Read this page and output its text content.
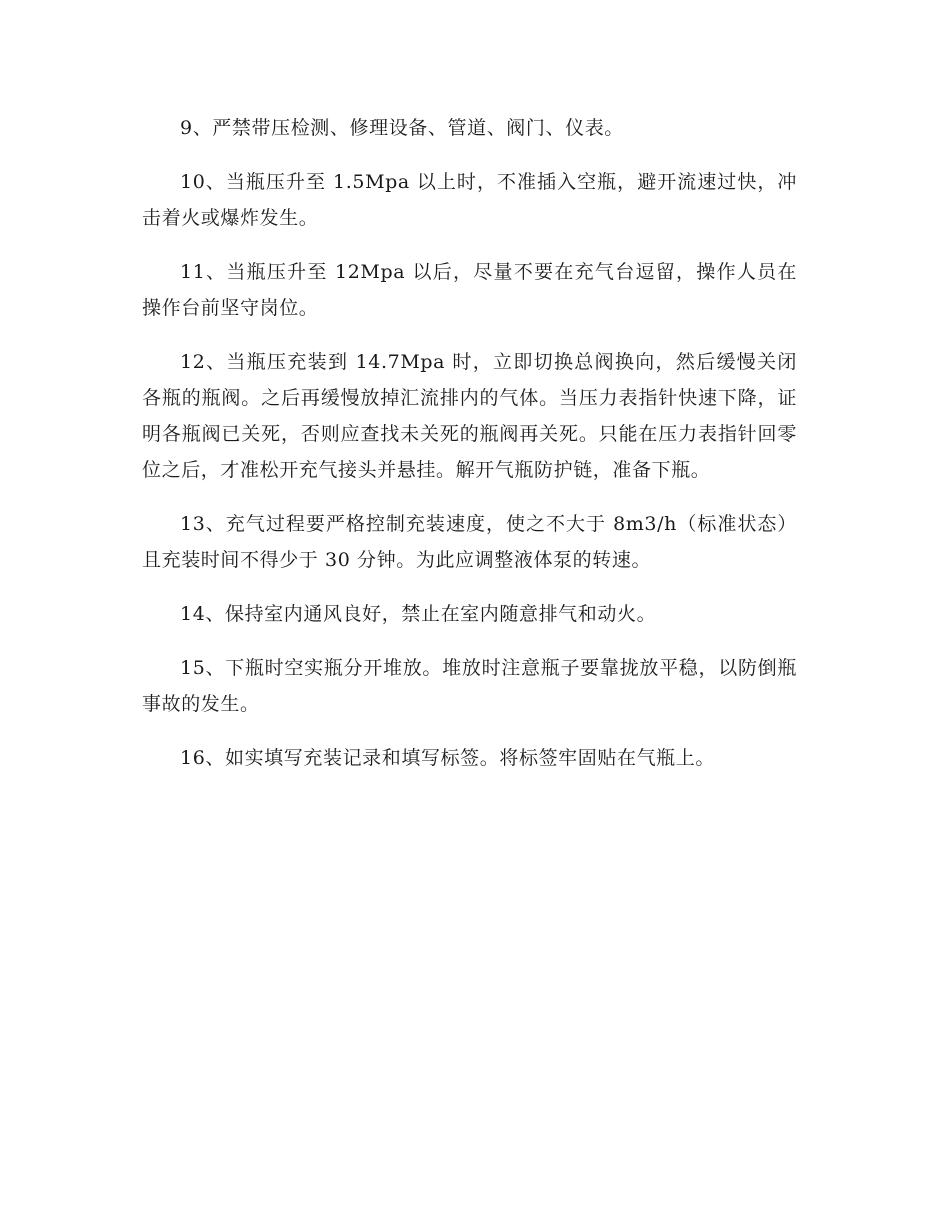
9、严禁带压检测、修理设备、管道、阀门、仪表。

10、当瓶压升至 1.5Mpa 以上时，不准插入空瓶，避开流速过快，冲击着火或爆炸发生。

11、当瓶压升至 12Mpa 以后，尽量不要在充气台逗留，操作人员在操作台前坚守岗位。

12、当瓶压充装到 14.7Mpa 时，立即切换总阀换向，然后缓慢关闭各瓶的瓶阀。之后再缓慢放掉汇流排内的气体。当压力表指针快速下降，证明各瓶阀已关死，否则应查找未关死的瓶阀再关死。只能在压力表指针回零位之后，才准松开充气接头并悬挂。解开气瓶防护链，准备下瓶。

13、充气过程要严格控制充装速度，使之不大于 8m3/h（标准状态）且充装时间不得少于 30 分钟。为此应调整液体泵的转速。

14、保持室内通风良好，禁止在室内随意排气和动火。

15、下瓶时空实瓶分开堆放。堆放时注意瓶子要靠拢放平稳，以防倒瓶事故的发生。

16、如实填写充装记录和填写标签。将标签牢固贴在气瓶上。
